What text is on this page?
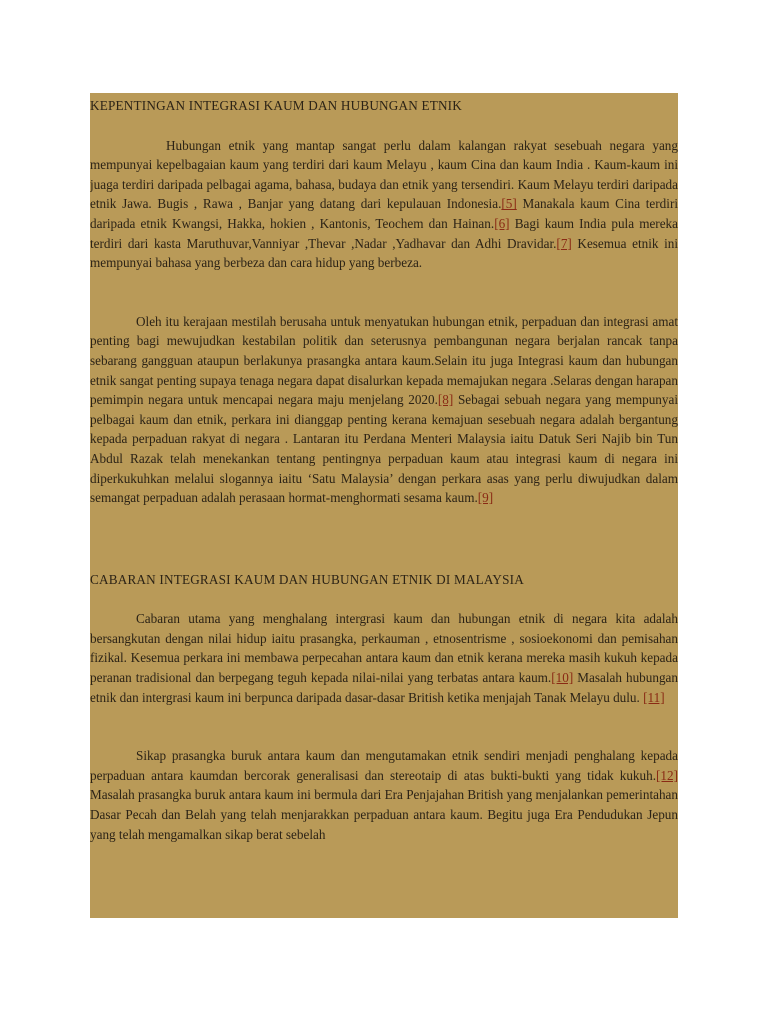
KEPENTINGAN INTEGRASI KAUM DAN HUBUNGAN ETNIK

Hubungan etnik yang mantap sangat perlu dalam kalangan rakyat sesebuah negara yang mempunyai kepelbagaian kaum yang terdiri dari kaum Melayu , kaum Cina dan kaum India . Kaum-kaum ini juaga terdiri daripada pelbagai agama, bahasa, budaya dan etnik yang tersendiri. Kaum Melayu terdiri daripada etnik Jawa. Bugis , Rawa , Banjar yang datang dari kepulauan Indonesia.[5] Manakala kaum Cina terdiri daripada etnik Kwangsi, Hakka, hokien , Kantonis, Teochem dan Hainan.[6] Bagi kaum India pula mereka terdiri dari kasta Maruthuvar,Vanniyar ,Thevar ,Nadar ,Yadhavar dan Adhi Dravidar.[7] Kesemua etnik ini mempunyai bahasa yang berbeza dan cara hidup yang berbeza.

Oleh itu kerajaan mestilah berusaha untuk menyatukan hubungan etnik, perpaduan dan integrasi amat penting bagi mewujudkan kestabilan politik dan seterusnya pembangunan negara berjalan rancak tanpa sebarang gangguan ataupun berlakunya prasangka antara kaum.Selain itu juga Integrasi kaum dan hubungan etnik sangat penting supaya tenaga negara dapat disalurkan kepada memajukan negara .Selaras dengan harapan pemimpin negara untuk mencapai negara maju menjelang 2020.[8] Sebagai sebuah negara yang mempunyai pelbagai kaum dan etnik, perkara ini dianggap penting kerana kemajuan sesebuah negara adalah bergantung kepada perpaduan rakyat di negara . Lantaran itu Perdana Menteri Malaysia iaitu Datuk Seri Najib bin Tun Abdul Razak telah menekankan tentang pentingnya perpaduan kaum atau integrasi kaum di negara ini diperkukuhkan melalui slogannya iaitu ‘Satu Malaysia’ dengan perkara asas yang perlu diwujudkan dalam semangat perpaduan adalah perasaan hormat-menghormati sesama kaum.[9]

CABARAN INTEGRASI KAUM DAN HUBUNGAN ETNIK DI MALAYSIA

Cabaran utama yang menghalang intergrasi kaum dan hubungan etnik di negara kita adalah bersangkutan dengan nilai hidup iaitu prasangka, perkauman , etnosentrisme , sosioekonomi dan pemisahan fizikal. Kesemua perkara ini membawa perpecahan antara kaum dan etnik kerana mereka masih kukuh kepada peranan tradisional dan berpegang teguh kepada nilai-nilai yang terbatas antara kaum.[10] Masalah hubungan etnik dan intergrasi kaum ini berpunca daripada dasar-dasar British ketika menjajah Tanak Melayu dulu. [11]

Sikap prasangka buruk antara kaum dan mengutamakan etnik sendiri menjadi penghalang kepada perpaduan antara kaumdan bercorak generalisasi dan stereotaip di atas bukti-bukti yang tidak kukuh.[12] Masalah prasangka buruk antara kaum ini bermula dari Era Penjajahan British yang menjalankan pemerintahan Dasar Pecah dan Belah yang telah menjarakkan perpaduan antara kaum. Begitu juga Era Pendudukan Jepun yang telah mengamalkan sikap berat sebelah
